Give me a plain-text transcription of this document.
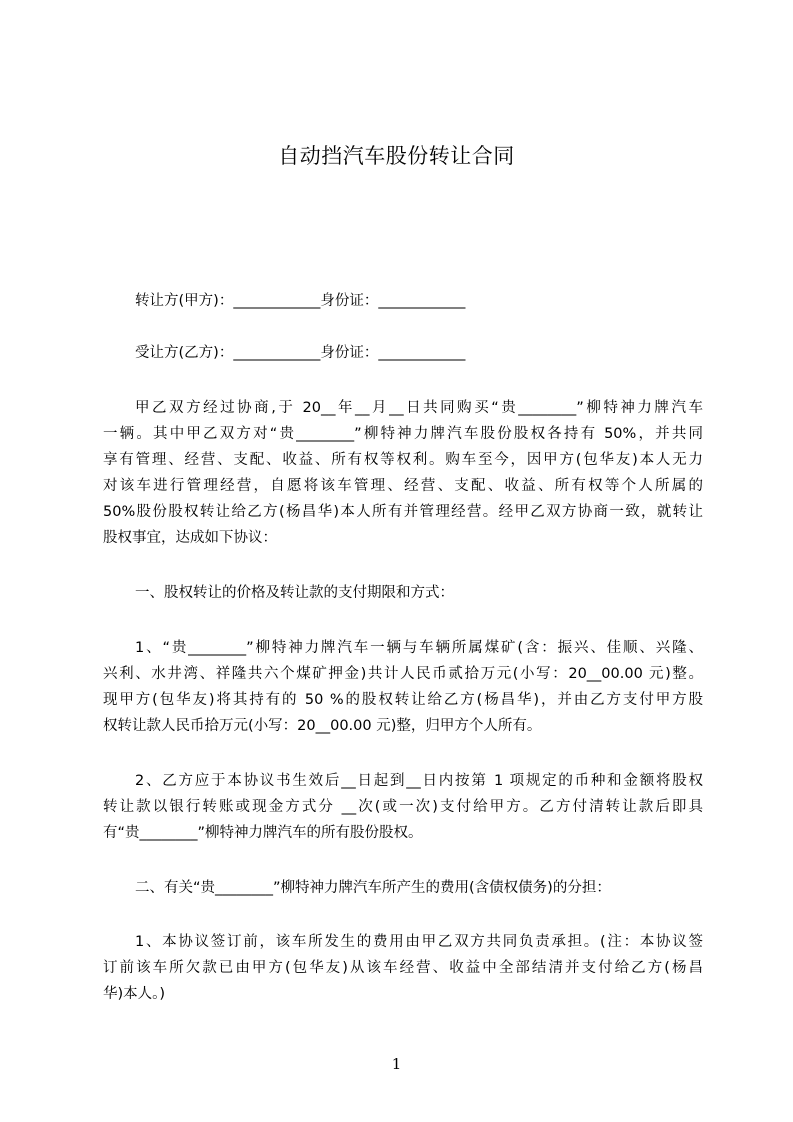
自动挡汽车股份转让合同
转让方(甲方)：____________身份证：____________
受让方(乙方)：____________身份证：____________
甲乙双方经过协商,于 20__年__月__日共同购买“贵________”柳特神力牌汽车
一辆。其中甲乙双方对“贵________”柳特神力牌汽车股份股权各持有 50%，并共同
享有管理、经营、支配、收益、所有权等权利。购车至今，因甲方(包华友)本人无力
对该车进行管理经营，自愿将该车管理、经营、支配、收益、所有权等个人所属的
50%股份股权转让给乙方(杨昌华)本人所有并管理经营。经甲乙双方协商一致，就转让
股权事宜，达成如下协议：
一、股权转让的价格及转让款的支付期限和方式：
1、“贵________”柳特神力牌汽车一辆与车辆所属煤矿(含：振兴、佳顺、兴隆、
兴利、水井湾、祥隆共六个煤矿押金)共计人民币贰拾万元(小写：20__00.00 元)整。
现甲方(包华友)将其持有的 50 %的股权转让给乙方(杨昌华)，并由乙方支付甲方股
权转让款人民币拾万元(小写：20__00.00 元)整，归甲方个人所有。
2、乙方应于本协议书生效后__日起到__日内按第 1 项规定的币种和金额将股权
转让款以银行转账或现金方式分 __次(或一次)支付给甲方。乙方付清转让款后即具
有“贵________”柳特神力牌汽车的所有股份股权。
二、有关“贵________”柳特神力牌汽车所产生的费用(含债权债务)的分担：
1、本协议签订前，该车所发生的费用由甲乙双方共同负责承担。(注：本协议签
订前该车所欠款已由甲方(包华友)从该车经营、收益中全部结清并支付给乙方(杨昌
华)本人。)
1
